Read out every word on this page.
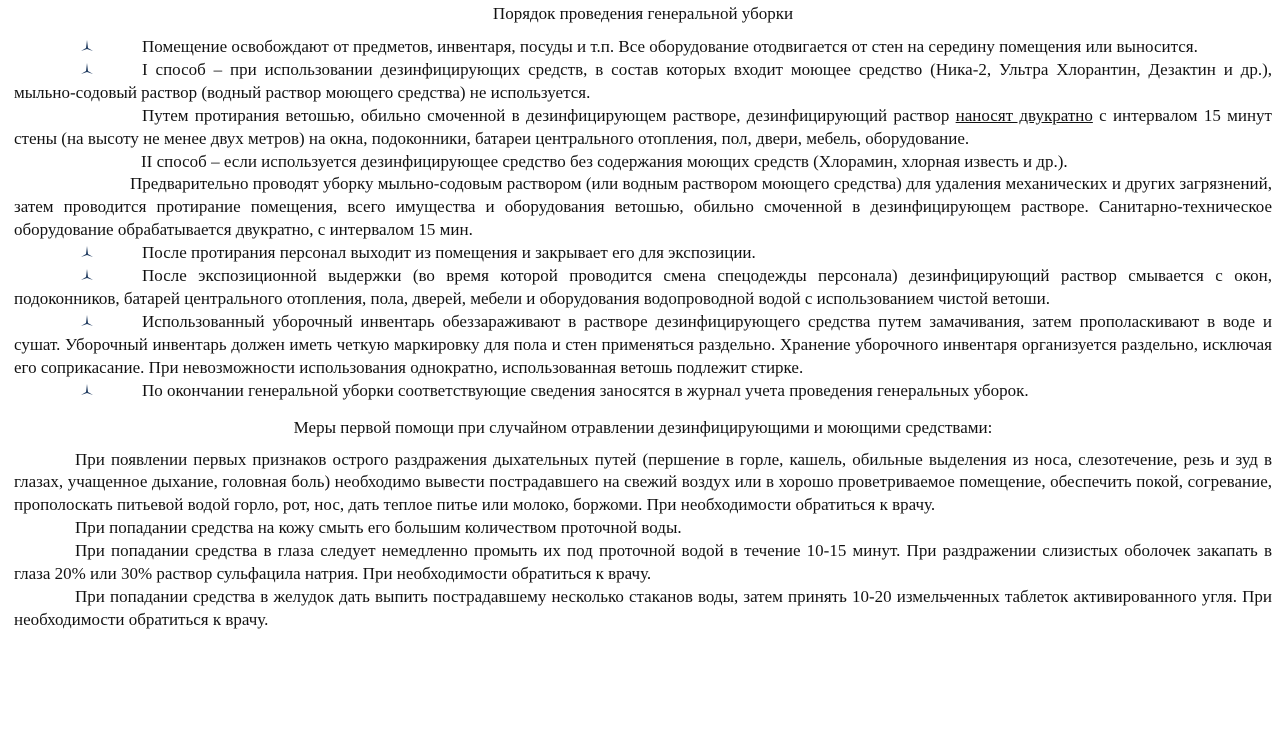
Порядок проведения генеральной уборки

Помещение освобождают от предметов, инвентаря, посуды и т.п. Все оборудование отодвигается от стен на середину помещения или выносится.

I способ – при использовании дезинфицирующих средств, в состав которых входит моющее средство (Ника-2, Ультра Хлорантин, Дезактин и др.), мыльно-содовый раствор (водный раствор моющего средства) не используется.

Путем протирания ветошью, обильно смоченной в дезинфицирующем растворе, дезинфицирующий раствор наносят двукратно с интервалом 15 минут стены (на высоту не менее двух метров) на окна, подоконники, батареи центрального отопления, пол, двери, мебель, оборудование.

II способ – если используется дезинфицирующее средство без содержания моющих средств (Хлорамин, хлорная известь и др.).

Предварительно проводят уборку мыльно-содовым раствором (или водным раствором моющего средства) для удаления механических и других загрязнений, затем проводится протирание помещения, всего имущества и оборудования ветошью, обильно смоченной в дезинфицирующем растворе. Санитарно-техническое оборудование обрабатывается двукратно, с интервалом 15 мин.

После протирания персонал выходит из помещения и закрывает его для экспозиции.

После экспозиционной выдержки (во время которой проводится смена спецодежды персонала) дезинфицирующий раствор смывается с окон, подоконников, батарей центрального отопления, пола, дверей, мебели и оборудования водопроводной водой с использованием чистой ветоши.

Использованный уборочный инвентарь обеззараживают в растворе дезинфицирующего средства путем замачивания, затем прополаскивают в воде и сушат. Уборочный инвентарь должен иметь четкую маркировку для пола и стен применяться раздельно. Хранение уборочного инвентаря организуется раздельно, исключая его соприкасание. При невозможности использования однократно, использованная ветошь подлежит стирке.

По окончании генеральной уборки соответствующие сведения заносятся в журнал учета проведения генеральных уборок.

Меры первой помощи при случайном отравлении дезинфицирующими и моющими средствами:

При появлении первых признаков острого раздражения дыхательных путей (першение в горле, кашель, обильные выделения из носа, слезотечение, резь и зуд в глазах, учащенное дыхание, головная боль) необходимо вывести пострадавшего на свежий воздух или в хорошо проветриваемое помещение, обеспечить покой, согревание, прополоскать питьевой водой горло, рот, нос, дать теплое питье или молоко, боржоми. При необходимости обратиться к врачу.

При попадании средства на кожу смыть его большим количеством проточной воды.

При попадании средства в глаза следует немедленно промыть их под проточной водой в течение 10-15 минут. При раздражении слизистых оболочек закапать в глаза 20% или 30% раствор сульфацила натрия. При необходимости обратиться к врачу.

При попадании средства в желудок дать выпить пострадавшему несколько стаканов воды, затем принять 10-20 измельченных таблеток активированного угля. При необходимости обратиться к врачу.
